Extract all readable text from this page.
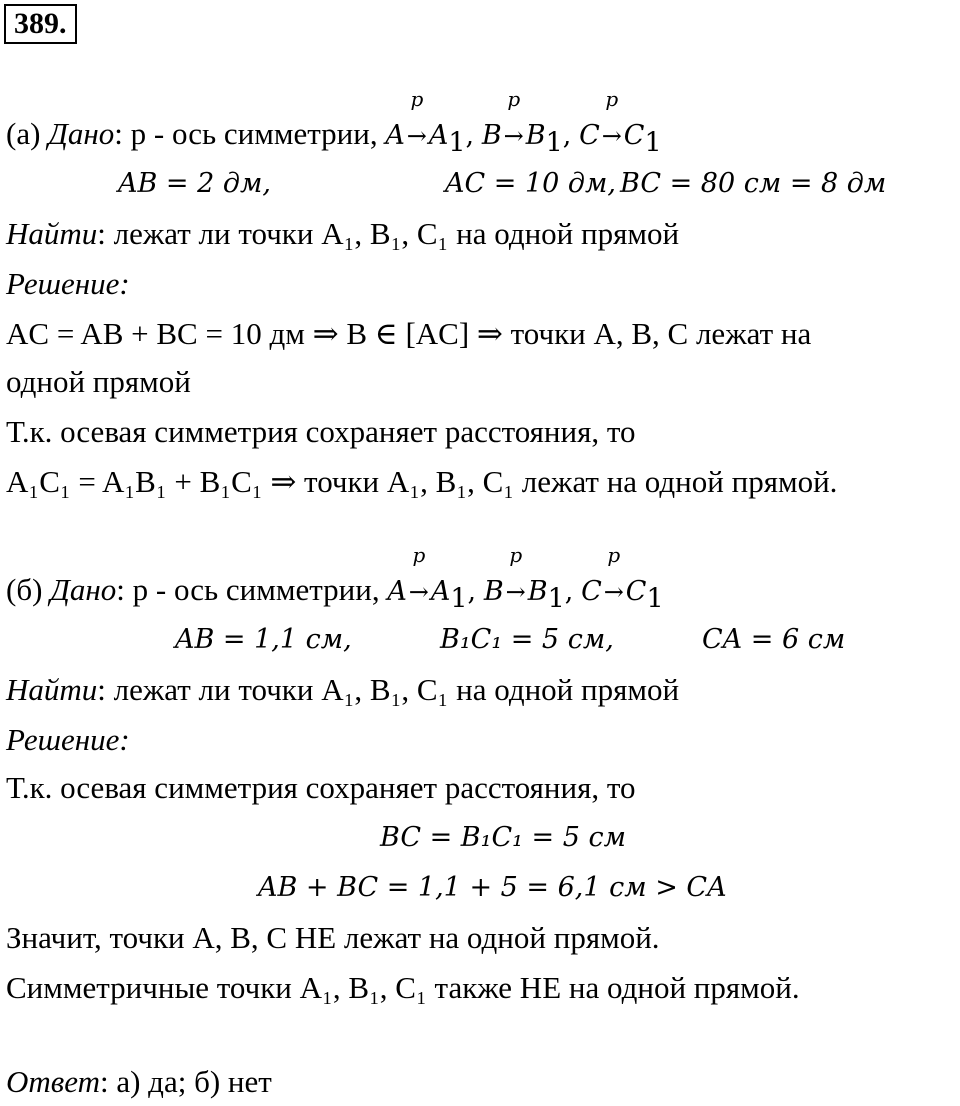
389.
(а) Дано: p - ось симметрии, A
p
$\to A_1$, B
p
$\to B_1$, C
p
$\to C_1$
AB = 2 дм,	AC = 10 дм, BC = 80 см = 8 дм
Найти: лежат ли точки A₁, B₁, C₁ на одной прямой
Решение:
AC = AB + BC = 10 дм ⇒ B ∈ [AC] ⇒ точки A, B, C лежат на
одной прямой
Т.к. осевая симметрия сохраняет расстояния, то
A₁C₁ = A₁B₁ + B₁C₁ ⇒ точки A₁, B₁, C₁ лежат на одной прямой.
(б) Дано: p - ось симметрии, A
p
$\to A_1$, B
p
$\to B_1$, C
p
$\to C_1$
AB = 1,1 см,	B₁C₁ = 5 см,	CA = 6 см
Найти: лежат ли точки A₁, B₁, C₁ на одной прямой
Решение:
Т.к. осевая симметрия сохраняет расстояния, то
BC = B₁C₁ = 5 см
AB + BC = 1,1 + 5 = 6,1 см > CA
Значит, точки A, B, C НЕ лежат на одной прямой.
Симметричные точки A₁, B₁, C₁ также НЕ на одной прямой.
Ответ: а) да; б) нет
